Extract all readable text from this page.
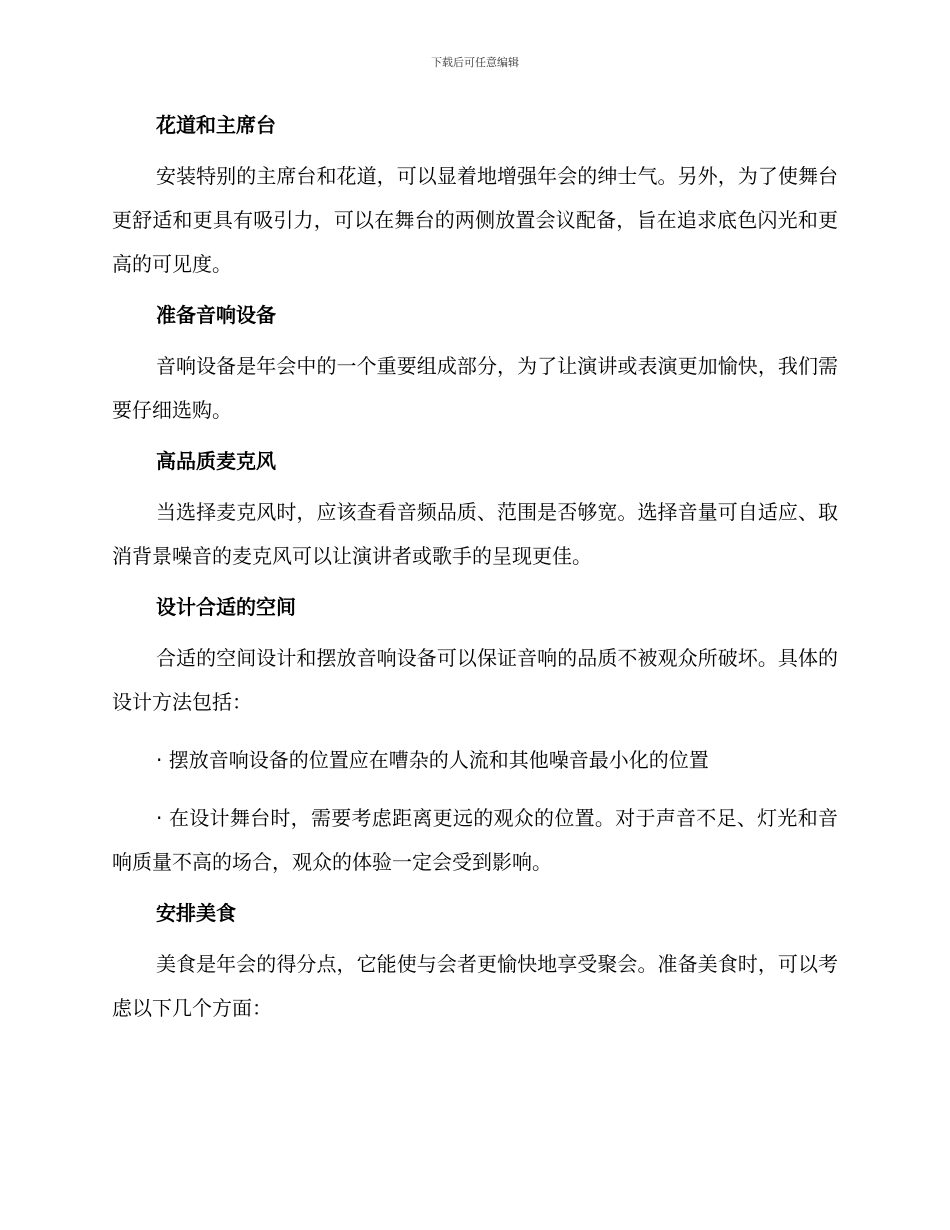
下载后可任意编辑
花道和主席台
安装特别的主席台和花道，可以显着地增强年会的绅士气。另外，为了使舞台更舒适和更具有吸引力，可以在舞台的两侧放置会议配备，旨在追求底色闪光和更高的可见度。
准备音响设备
音响设备是年会中的一个重要组成部分，为了让演讲或表演更加愉快，我们需要仔细选购。
高品质麦克风
当选择麦克风时，应该查看音频品质、范围是否够宽。选择音量可自适应、取消背景噪音的麦克风可以让演讲者或歌手的呈现更佳。
设计合适的空间
合适的空间设计和摆放音响设备可以保证音响的品质不被观众所破坏。具体的设计方法包括：
· 摆放音响设备的位置应在嘈杂的人流和其他噪音最小化的位置
· 在设计舞台时，需要考虑距离更远的观众的位置。对于声音不足、灯光和音响质量不高的场合，观众的体验一定会受到影响。
安排美食
美食是年会的得分点，它能使与会者更愉快地享受聚会。准备美食时，可以考虑以下几个方面：
